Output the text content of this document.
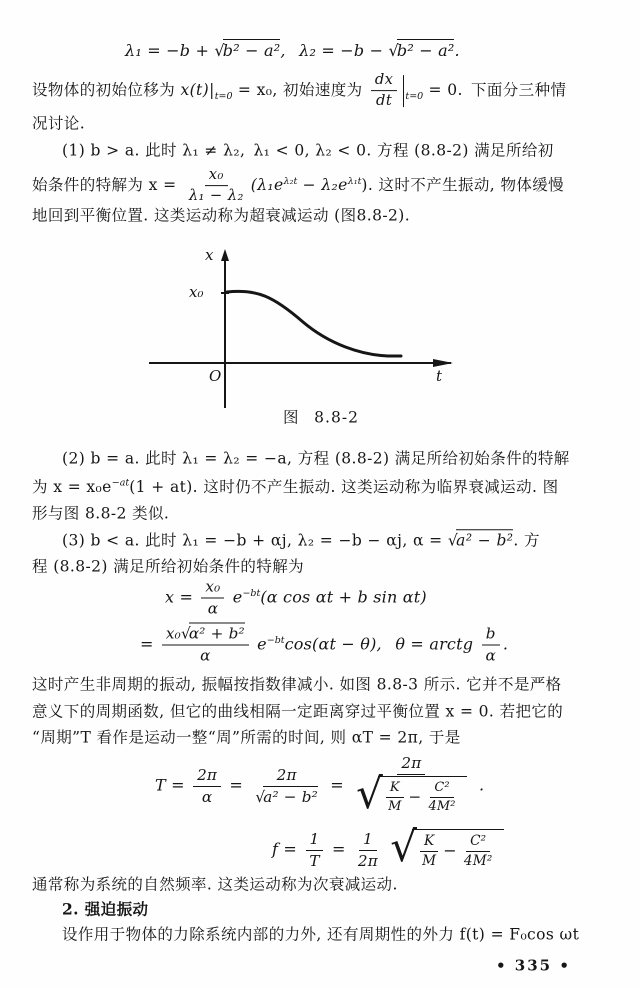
λ₁ = −b + √b² − a²,  λ₂ = −b − √b² − a².
设物体的初始位移为 $x(t)|_{t=0} = x_0$, 初始速度为 $\frac{dx}{dt} _{t=0} = 0$. 下面分三种情
况讨论.
(1) b > a. 此时 λ₁ ≠ λ₂, λ₁ < 0, λ₂ < 0. 方程 (8.8-2) 满足所给初
始条件的特解为 $x = \frac{\text{x₀}}{\text{λ₁ − λ₂}} (\lambda_1e^{\lambda_2t} - \lambda_2e^{\lambda_1t})$. 这时不产生振动, 物体缓慢
地回到平衡位置. 这类运动称为超衰减运动 (图8.8-2).
x
x₀
O	t
图  8.8-2
(2) b = a. 此时 λ₁ = λ₂ = −a, 方程 (8.8-2) 满足所给初始条件的特解
为 $x = x_0e^{-at}(1 + at)$. 这时仍不产生振动. 这类运动称为临界衰减运动. 图
形与图 8.8-2 类似.
(3) b < a. 此时 λ₁ = −b + αj, λ₂ = −b − αj, α = √a² − b². 方
程 (8.8-2) 满足所给初始条件的特解为
$x = \frac{\text{x₀}}{\alpha} e^{-bt}(\alpha$ cos αt + b sin αt)
= $\frac{\text{x₀√α² + b²}}{\alpha} e^{-bt}\cos(\alpha t - \theta)$,  θ = arctg $\frac{b}{\alpha}$ .
这时产生非周期的振动, 振幅按指数律减小. 如图 8.8-3 所示. 它并不是严格
意义下的周期函数, 但它的曲线相隔一定距离穿过平衡位置 x = 0. 若把它的
“周期”T 看作是运动一整“周”所需的时间, 则 αT = 2π, 于是
$T = \frac{2\pi}{\alpha} = \frac{2\pi}{\text{√a² − b²}} = \frac{2\pi}{√ \frac{K}{M} - \frac{\text{C²}}{\text{4M²}}}$ .
$f = \frac{1}{T} = \frac{1}{2\pi}$
√ $\frac{K}{M} - \frac{\text{C²}}{\text{4M²}}$
通常称为系统的自然频率. 这类运动称为次衰减运动.
2. 强迫振动
设作用于物体的力除系统内部的力外, 还有周期性的外力 f(t) = F₀cos ωt
• 335 •
